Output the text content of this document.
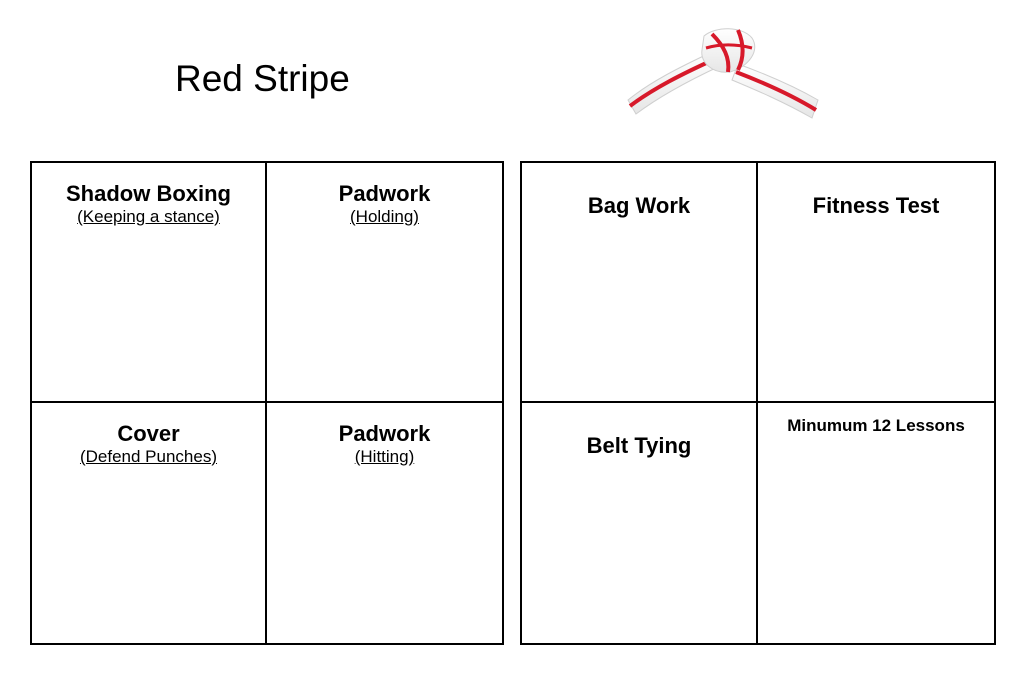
Red Stripe
Shadow Boxing
(Keeping a stance)
Padwork
(Holding)
Cover
(Defend Punches)
Padwork
(Hitting)
Bag Work	Fitness Test
Belt Tying
Minumum 12 Lessons
